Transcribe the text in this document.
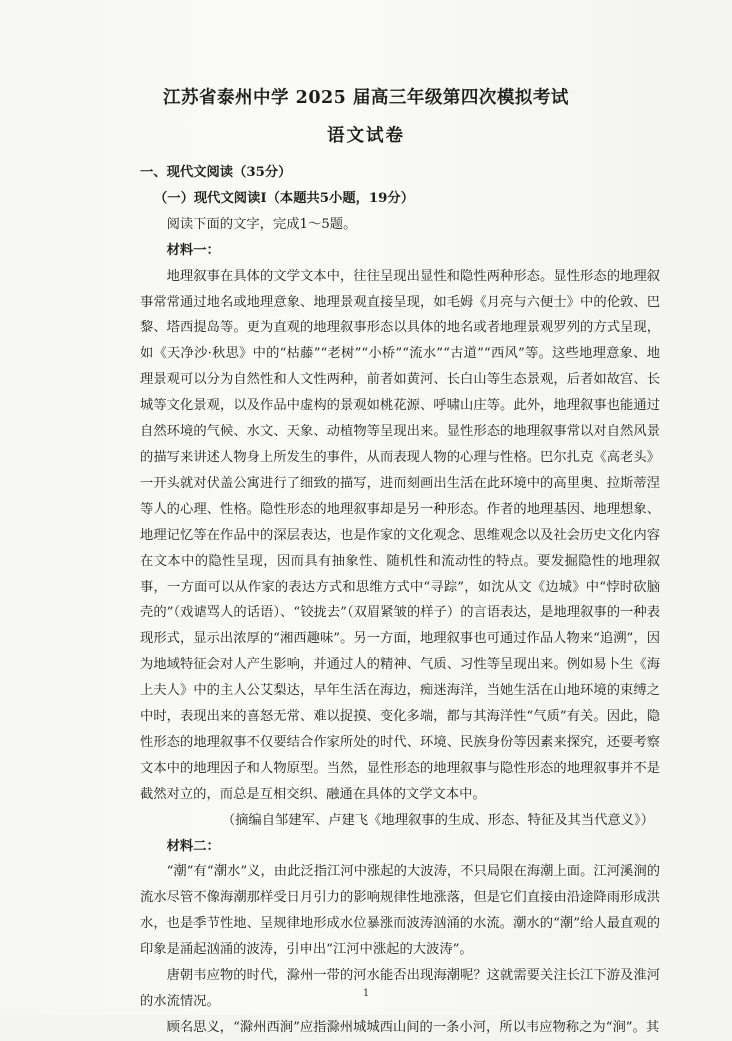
江苏省泰州中学 2025 届高三年级第四次模拟考试
语文试卷

一、现代文阅读（35分）

（一）现代文阅读Ⅰ（本题共5小题，19分）

阅读下面的文字，完成1～5题。

材料一：

地理叙事在具体的文学文本中，往往呈现出显性和隐性两种形态。显性形态的地理叙事常常通过地名或地理意象、地理景观直接呈现，如毛姆《月亮与六便士》中的伦敦、巴黎、塔西提岛等。更为直观的地理叙事形态以具体的地名或者地理景观罗列的方式呈现，如《天净沙·秋思》中的“枯藤”“老树”“小桥”“流水”“古道”“西风”等。这些地理意象、地理景观可以分为自然性和人文性两种，前者如黄河、长白山等生态景观，后者如故宫、长城等文化景观，以及作品中虚构的景观如桃花源、呼啸山庄等。此外，地理叙事也能通过自然环境的气候、水文、天象、动植物等呈现出来。显性形态的地理叙事常以对自然风景的描写来讲述人物身上所发生的事件，从而表现人物的心理与性格。巴尔扎克《高老头》一开头就对伏盖公寓进行了细致的描写，进而刻画出生活在此环境中的高里奥、拉斯蒂涅等人的心理、性格。隐性形态的地理叙事却是另一种形态。作者的地理基因、地理想象、地理记忆等在作品中的深层表达，也是作家的文化观念、思维观念以及社会历史文化内容在文本中的隐性呈现，因而具有抽象性、随机性和流动性的特点。要发掘隐性的地理叙事，一方面可以从作家的表达方式和思维方式中“寻踪”，如沈从文《边城》中“悖时砍脑壳的”（戏谑骂人的话语）、“铰拢去”（双眉紧皱的样子）的言语表达，是地理叙事的一种表现形式，显示出浓厚的“湘西趣味”。另一方面，地理叙事也可通过作品人物来“追溯”，因为地域特征会对人产生影响，并通过人的精神、气质、习性等呈现出来。例如易卜生《海上夫人》中的主人公艾梨达，早年生活在海边，痴迷海洋，当她生活在山地环境的束缚之中时，表现出来的喜怒无常、难以捉摸、变化多端，都与其海洋性“气质”有关。因此，隐性形态的地理叙事不仅要结合作家所处的时代、环境、民族身份等因素来探究，还要考察文本中的地理因子和人物原型。当然，显性形态的地理叙事与隐性形态的地理叙事并不是截然对立的，而总是互相交织、融通在具体的文学文本中。

（摘编自邹建军、卢建飞《地理叙事的生成、形态、特征及其当代意义》）

材料二：

“潮”有“潮水”义，由此泛指江河中涨起的大波涛，不只局限在海潮上面。江河溪涧的流水尽管不像海潮那样受日月引力的影响规律性地涨落，但是它们直接由沿途降雨形成洪水，也是季节性地、呈规律地形成水位暴涨而波涛汹涌的水流。潮水的“潮”给人最直观的印象是涌起汹涌的波涛，引申出“江河中涨起的大波涛”。

唐朝韦应物的时代，滁州一带的河水能否出现海潮呢？这就需要关注长江下游及淮河的水流情况。

顾名思义，“滁州西涧”应指滁州城城西山间的一条小河，所以韦应物称之为“涧”。其

1
